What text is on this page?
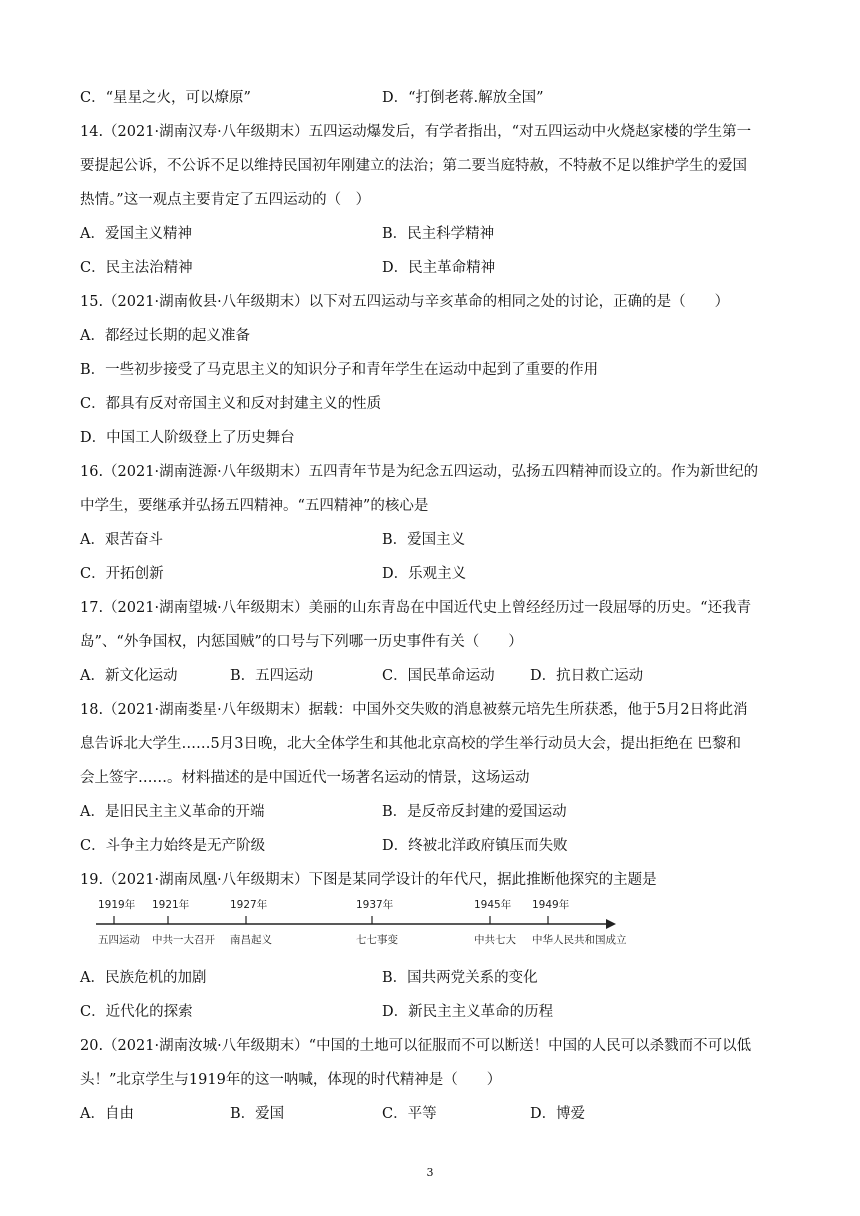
C．“星星之火，可以燎原”	D．“打倒老蒋.解放全国”
14.（2021·湖南汉寿·八年级期末）五四运动爆发后，有学者指出，“对五四运动中火烧赵家楼的学生第一
要提起公诉，不公诉不足以维持民国初年刚建立的法治；第二要当庭特赦，不特赦不足以维护学生的爱国
热情。”这一观点主要肯定了五四运动的（　）
A．爱国主义精神	B．民主科学精神
C．民主法治精神	D．民主革命精神
15.（2021·湖南攸县·八年级期末）以下对五四运动与辛亥革命的相同之处的讨论，正确的是（　　）
A．都经过长期的起义准备
B．一些初步接受了马克思主义的知识分子和青年学生在运动中起到了重要的作用
C．都具有反对帝国主义和反对封建主义的性质
D．中国工人阶级登上了历史舞台
16.（2021·湖南涟源·八年级期末）五四青年节是为纪念五四运动，弘扬五四精神而设立的。作为新世纪的
中学生，要继承并弘扬五四精神。“五四精神”的核心是
A．艰苦奋斗	B．爱国主义
C．开拓创新	D．乐观主义
17.（2021·湖南望城·八年级期末）美丽的山东青岛在中国近代史上曾经经历过一段屈辱的历史。“还我青
岛”、“外争国权，内惩国贼”的口号与下列哪一历史事件有关（　　）
A．新文化运动	B．五四运动	C．国民革命运动 D．抗日救亡运动
18.（2021·湖南娄星·八年级期末）据载：中国外交失败的消息被蔡元培先生所获悉，他于5月2日将此消
息告诉北大学生……5月3日晚，北大全体学生和其他北京高校的学生举行动员大会，提出拒绝在 巴黎和
会上签字……。材料描述的是中国近代一场著名运动的情景，这场运动
A．是旧民主主义革命的开端	B．是反帝反封建的爱国运动
C．斗争主力始终是无产阶级	D．终被北洋政府镇压而失败
19.（2021·湖南凤凰·八年级期末）下图是某同学设计的年代尺，据此推断他探究的主题是
1919年
五四运动
1921年
中共一大召开
1927年
南昌起义
1937年
七七事变
1945年
中共七大
1949年
中华人民共和国成立
A．民族危机的加剧	B．国共两党关系的变化
C．近代化的探索	D．新民主主义革命的历程
20.（2021·湖南汝城·八年级期末）“中国的土地可以征服而不可以断送！中国的人民可以杀戮而不可以低
头！”北京学生与1919年的这一呐喊，体现的时代精神是（　　）
A．自由	B．爱国	C．平等	D．博爱
3
